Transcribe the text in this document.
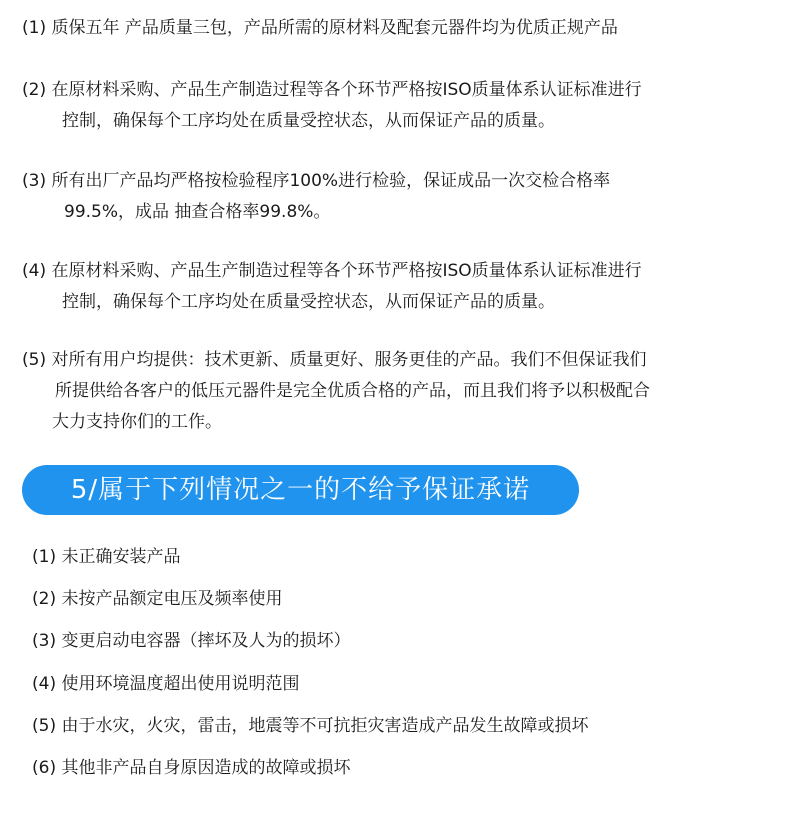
(1) 质保五年 产品质量三包，产品所需的原材料及配套元器件均为优质正规产品
(2) 在原材料采购、产品生产制造过程等各个环节严格按ISO质量体系认证标准进行
控制，确保每个工序均处在质量受控状态，从而保证产品的质量。
(3) 所有出厂产品均严格按检验程序100%进行检验，保证成品一次交检合格率
99.5%，成品 抽查合格率99.8%。
(4) 在原材料采购、产品生产制造过程等各个环节严格按ISO质量体系认证标准进行
控制，确保每个工序均处在质量受控状态，从而保证产品的质量。
(5) 对所有用户均提供：技术更新、质量更好、服务更佳的产品。我们不但保证我们
所提供给各客户的低压元器件是完全优质合格的产品，而且我们将予以积极配合
大力支持你们的工作。
5/属于下列情况之一的不给予保证承诺
(1) 未正确安装产品
(2) 未按产品额定电压及频率使用
(3) 变更启动电容器（摔坏及人为的损坏）
(4) 使用环境温度超出使用说明范围
(5) 由于水灾，火灾，雷击，地震等不可抗拒灾害造成产品发生故障或损坏
(6) 其他非产品自身原因造成的故障或损坏
